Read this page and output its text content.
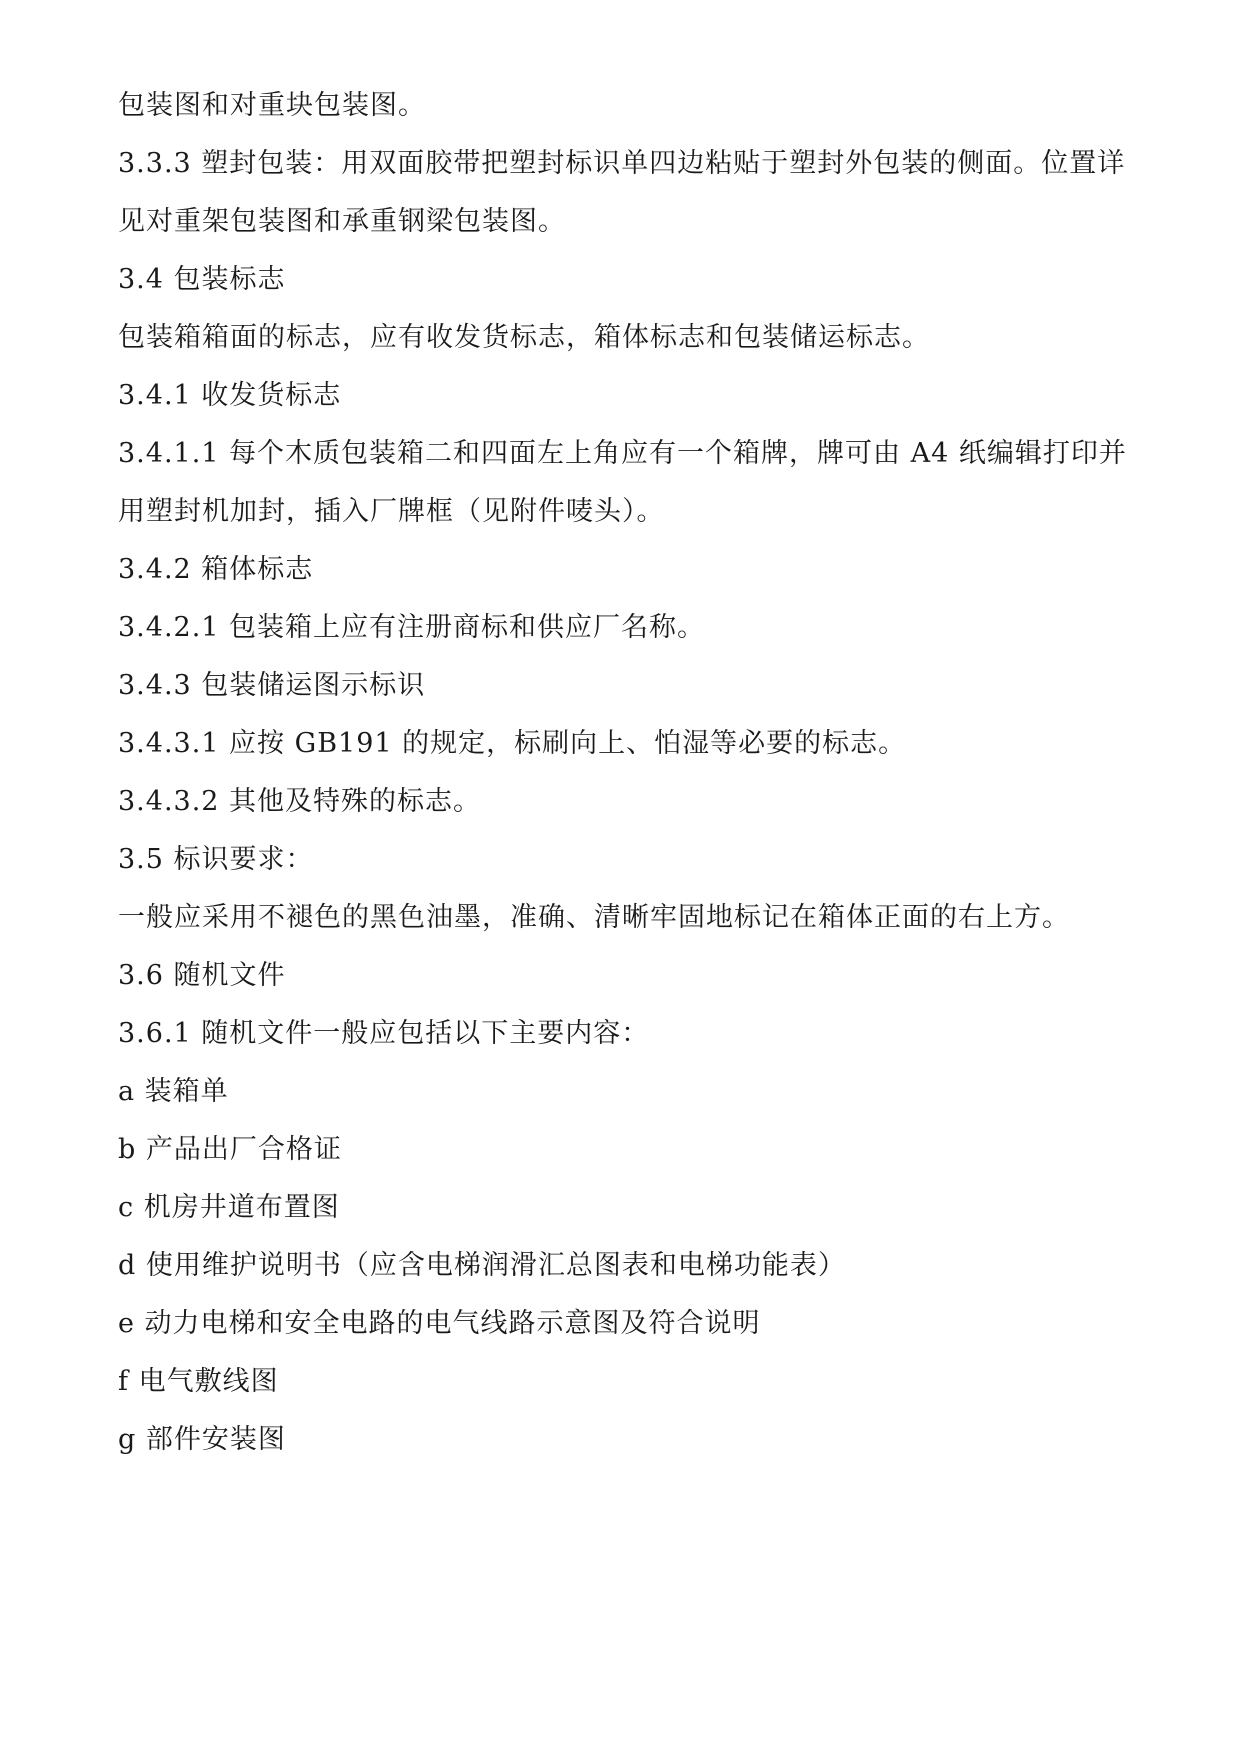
包装图和对重块包装图。
3.3.3 塑封包装：用双面胶带把塑封标识单四边粘贴于塑封外包装的侧面。位置详
见对重架包装图和承重钢梁包装图。
3.4 包装标志
包装箱箱面的标志，应有收发货标志，箱体标志和包装储运标志。
3.4.1 收发货标志
3.4.1.1 每个木质包装箱二和四面左上角应有一个箱牌，牌可由 A4 纸编辑打印并
用塑封机加封，插入厂牌框（见附件唛头）。
3.4.2 箱体标志
3.4.2.1 包装箱上应有注册商标和供应厂名称。
3.4.3 包装储运图示标识
3.4.3.1 应按 GB191 的规定，标刷向上、怕湿等必要的标志。
3.4.3.2 其他及特殊的标志。
3.5 标识要求：
一般应采用不褪色的黑色油墨，准确、清晰牢固地标记在箱体正面的右上方。
3.6 随机文件
3.6.1 随机文件一般应包括以下主要内容：
a 装箱单
b 产品出厂合格证
c 机房井道布置图
d 使用维护说明书（应含电梯润滑汇总图表和电梯功能表）
e 动力电梯和安全电路的电气线路示意图及符合说明
f 电气敷线图
g 部件安装图
